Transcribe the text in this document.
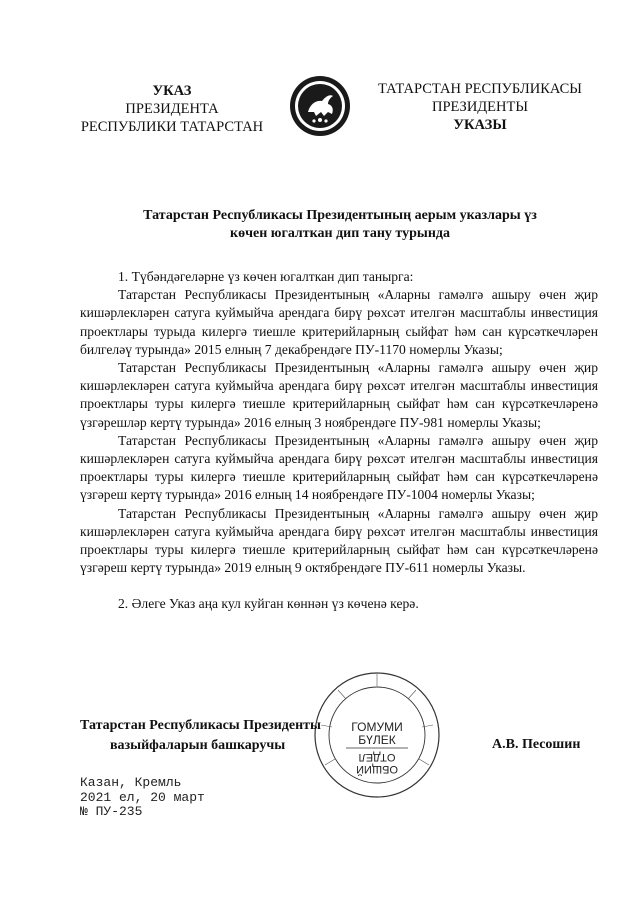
УКАЗ
ПРЕЗИДЕНТА
РЕСПУБЛИКИ ТАТАРСТАН
ТАТАРСТАН РЕСПУБЛИКАСЫ
ПРЕЗИДЕНТЫ
УКАЗЫ
Татарстан Республикасы Президентының аерым указлары үз
көчен югалткан дип тану турында

1. Түбәндәгеләрне үз көчен югалткан дип танырга:

Татарстан Республикасы Президентының «Аларны гамәлгә ашыру өчен җир кишәрлекләрен сатуга куймыйча арендага бирү рөхсәт ителгән масштаблы инвестиция проектлары турыда килергә тиешле критерийларның сыйфат һәм сан күрсәткечләрен билгеләү турында» 2015 елның 7 декабрендәге ПУ-1170 номерлы Указы;

Татарстан Республикасы Президентының «Аларны гамәлгә ашыру өчен җир кишәрлекләрен сатуга куймыйча арендага бирү рөхсәт ителгән масштаблы инвестиция проектлары туры килергә тиешле критерийларның сыйфат һәм сан күрсәткечләренә үзгәрешләр кертү турында» 2016 елның 3 ноябрендәге ПУ-981 номерлы Указы;

Татарстан Республикасы Президентының «Аларны гамәлгә ашыру өчен җир кишәрлекләрен сатуга куймыйча арендага бирү рөхсәт ителгән масштаблы инвестиция проектлары туры килергә тиешле критерийларның сыйфат һәм сан күрсәткечләренә үзгәреш кертү турында» 2016 елның 14 ноябрендәге ПУ-1004 номерлы Указы;

Татарстан Республикасы Президентының «Аларны гамәлгә ашыру өчен җир кишәрлекләрен сатуга куймыйча арендага бирү рөхсәт ителгән масштаблы инвестиция проектлары туры килергә тиешле критерийларның сыйфат һәм сан күрсәткечләренә үзгәреш кертү турында» 2019 елның 9 октябрендәге ПУ-611 номерлы Указы.

2. Әлеге Указ аңа кул куйган көннән үз көченә керә.

ГОМУМИ
БҮЛЕК
ОТДЕЛ
ОБЩИЙ
Татарстан Республикасы Президенты
вазыйфаларын башкаручы	А.В. Песошин
Казан, Кремль
2021 ел, 20 март
№ ПУ-235
